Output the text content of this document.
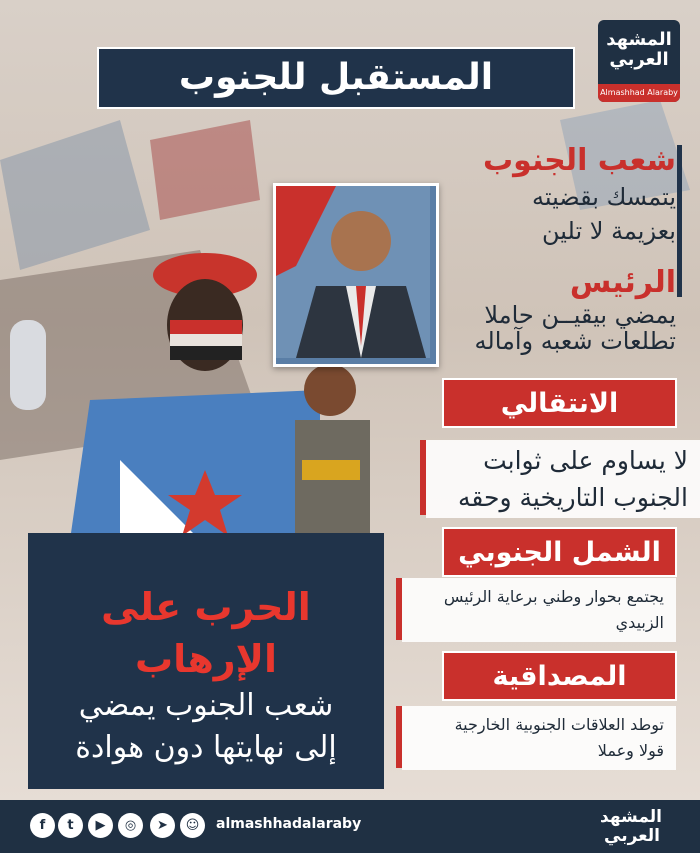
المشهد
العربي
Almashhad Alaraby
المستقبل للجنوب
شعب الجنوب
يتمسك بقضيته
بعزيمة لا تلين
الرئيس
يمضي بيقيــن حاملا
تطلعات شعبه وآماله
الانتقالي
لا يساوم على ثوابت
الجنوب التاريخية وحقه
الشمل الجنوبي
يجتمع بحوار وطني برعاية الرئيس
الزبيدي
المصداقية
توطد العلاقات الجنوبية الخارجية
قولا وعملا
الحرب على الإرهاب
شعب الجنوب يمضي
إلى نهايتها دون هوادة
f	t	▶	◎	➤	☺	almashhadalaraby	المشهد
العربي
